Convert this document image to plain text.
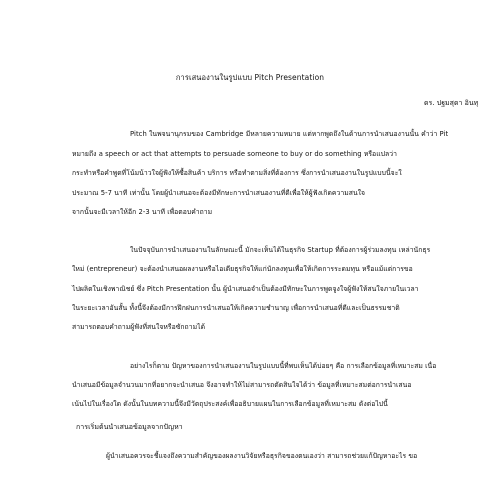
การเสนองานในรูปแบบ Pitch Presentation
ดร. ปฐมสุดา อินทุ
Pitch ในพจนานุกรมของ Cambridge มีหลายความหมาย แต่หากพูดถึงในด้านการนำเสนองานนั้น คำว่า Pit
หมายถึง a speech or act that attempts to persuade someone to buy or do something หรือแปลว่า
กระทำหรือคำพูดที่โน้มน้าวใจผู้ฟังให้ซื้อสินค้า บริการ หรือทำตามสิ่งที่ต้องการ ซึ่งการนำเสนองานในรูปแบบนี้จะใ
ประมาณ 5-7 นาที เท่านั้น โดยผู้นำเสนอจะต้องมีทักษะการนำเสนองานที่ดีเพื่อให้ผู้ฟังเกิดความสนใจ
จากนั้นจะมีเวลาให้อีก 2-3 นาที เพื่อตอบคำถาม
ในปัจจุบันการนำเสนองานในลักษณะนี้ มักจะเห็นได้ในธุรกิจ Startup ที่ต้องการผู้ร่วมลงทุน เหล่านักธุร
ใหม่ (entrepreneur) จะต้องนำเสนอผลงานหรือไอเดียธุรกิจให้แก่นักลงทุนเพื่อให้เกิดการระดมทุน หรือแม้แต่การขอ
ไปผลิตในเชิงพาณิชย์ ซึ่ง Pitch Presentation นั้น ผู้นำเสนอจำเป็นต้องมีทักษะในการพูดจูงใจผู้ฟังให้สนใจภายในเวลา
ในระยะเวลาอันสั้น ทั้งนี้จึงต้องมีการฝึกฝนการนำเสนอให้เกิดความชำนาญ เพื่อการนำเสนอที่ดีและเป็นธรรมชาติ
สามารถตอบคำถามผู้ฟังที่สนใจหรือซักถามได้
อย่างไรก็ตาม ปัญหาของการนำเสนองานในรูปแบบนี้ที่พบเห็นได้บ่อยๆ คือ การเลือกข้อมูลที่เหมาะสม เนื่อ
นำเสนอมีข้อมูลจำนวนมากที่อยากจะนำเสนอ จึงอาจทำให้ไม่สามารถตัดสินใจได้ว่า ข้อมูลที่เหมาะสมต่อการนำเสนอ
เน้นไปในเรื่องใด ดังนั้นในบทความนี้จึงมีวัตถุประสงค์เพื่ออธิบายแผนในการเลือกข้อมูลที่เหมาะสม ดังต่อไปนี้
การเริ่มต้นนำเสนอข้อมูลจากปัญหา
ผู้นำเสนอควรจะชี้แจงถึงความสำคัญของผลงานวิจัยหรือธุรกิจของตนเองว่า สามารถช่วยแก้ปัญหาอะไร ขอ
